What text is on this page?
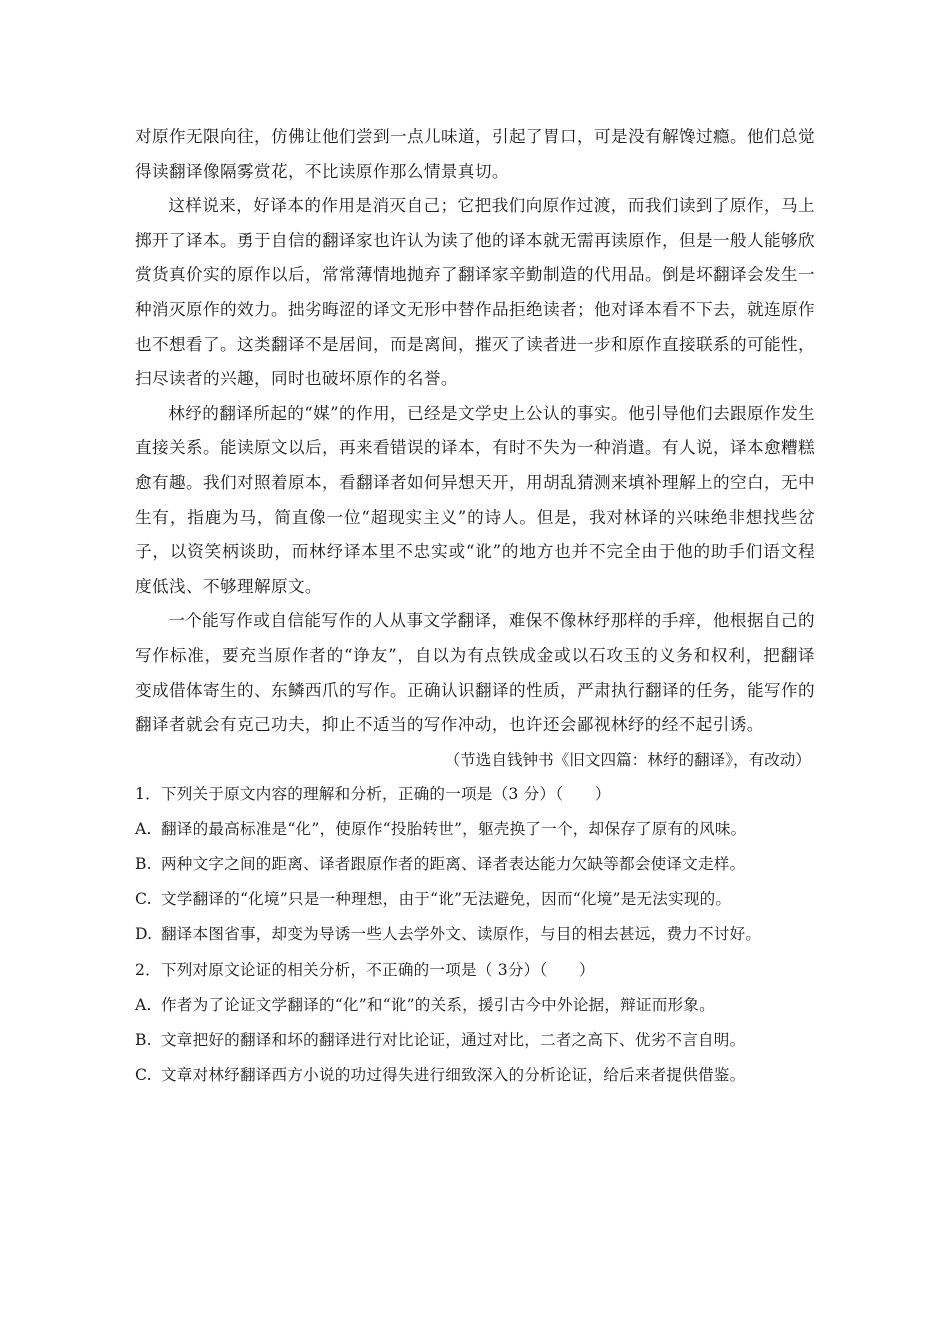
对原作无限向往，仿佛让他们尝到一点儿味道，引起了胃口，可是没有解馋过瘾。他们总觉得读翻译像隔雾赏花，不比读原作那么情景真切。

这样说来，好译本的作用是消灭自己；它把我们向原作过渡，而我们读到了原作，马上掷开了译本。勇于自信的翻译家也许认为读了他的译本就无需再读原作，但是一般人能够欣赏货真价实的原作以后，常常薄情地抛弃了翻译家辛勤制造的代用品。倒是坏翻译会发生一种消灭原作的效力。拙劣晦涩的译文无形中替作品拒绝读者；他对译本看不下去，就连原作也不想看了。这类翻译不是居间，而是离间，摧灭了读者进一步和原作直接联系的可能性，扫尽读者的兴趣，同时也破坏原作的名誉。

林纾的翻译所起的“媒”的作用，已经是文学史上公认的事实。他引导他们去跟原作发生直接关系。能读原文以后，再来看错误的译本，有时不失为一种消遣。有人说，译本愈糟糕愈有趣。我们对照着原本，看翻译者如何异想天开，用胡乱猜测来填补理解上的空白，无中生有，指鹿为马，简直像一位“超现实主义”的诗人。但是，我对林译的兴味绝非想找些岔子，以资笑柄谈助，而林纾译本里不忠实或“讹”的地方也并不完全由于他的助手们语文程度低浅、不够理解原文。

一个能写作或自信能写作的人从事文学翻译，难保不像林纾那样的手痒，他根据自己的写作标准，要充当原作者的“诤友”，自以为有点铁成金或以石攻玉的义务和权利，把翻译变成借体寄生的、东鳞西爪的写作。正确认识翻译的性质，严肃执行翻译的任务，能写作的翻译者就会有克己功夫，抑止不适当的写作冲动，也许还会鄙视林纾的经不起引诱。

（节选自钱钟书《旧文四篇：林纾的翻译》，有改动）

1．下列关于原文内容的理解和分析，正确的一项是（3 分）（　　）

A. 翻译的最高标准是“化”，使原作“投胎转世”，躯壳换了一个，却保存了原有的风味。

B. 两种文字之间的距离、译者跟原作者的距离、译者表达能力欠缺等都会使译文走样。

C. 文学翻译的“化境”只是一种理想，由于“讹”无法避免，因而“化境”是无法实现的。

D. 翻译本图省事，却变为导诱一些人去学外文、读原作，与目的相去甚远，费力不讨好。

2．下列对原文论证的相关分析，不正确的一项是（ 3分）（　　）

A. 作者为了论证文学翻译的“化”和“讹”的关系，援引古今中外论据，辩证而形象。

B. 文章把好的翻译和坏的翻译进行对比论证，通过对比，二者之高下、优劣不言自明。

C. 文章对林纾翻译西方小说的功过得失进行细致深入的分析论证，给后来者提供借鉴。
